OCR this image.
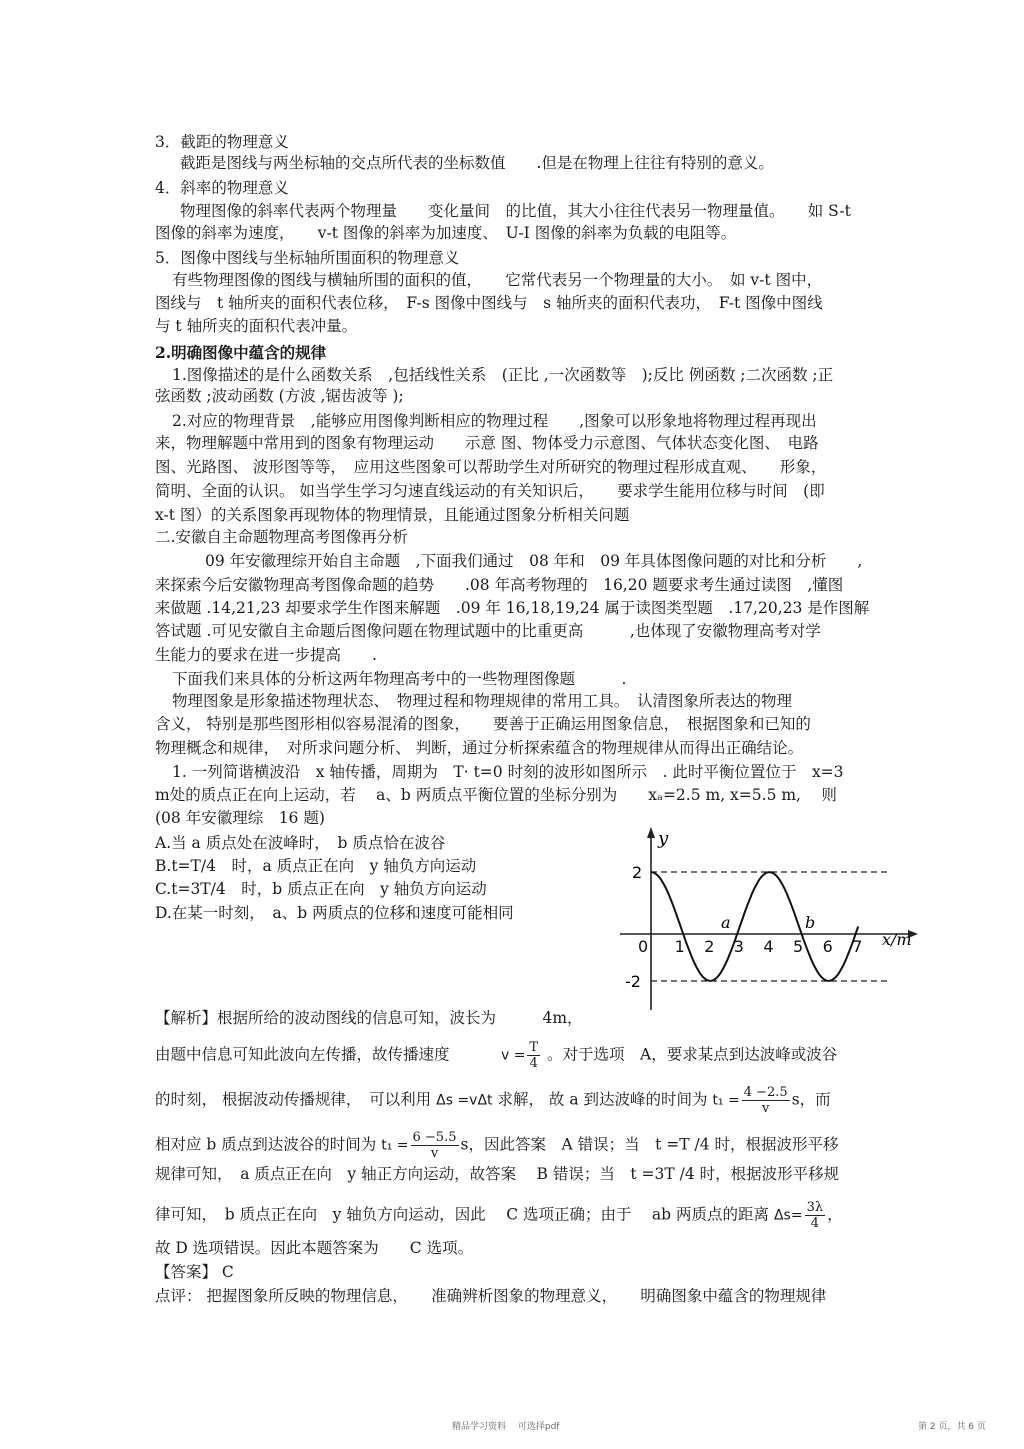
3．截距的物理意义
截距是图线与两坐标轴的交点所代表的坐标数值　　.但是在物理上往往有特别的意义。
4．斜率的物理意义
物理图像的斜率代表两个物理量　　变化量间　的比值，其大小往往代表另一物理量值。　　如 S-t
图像的斜率为速度，　　v-t 图像的斜率为加速度、　U-I 图像的斜率为负载的电阻等。
5．图像中图线与坐标轴所围面积的物理意义
有些物理图像的图线与横轴所围的面积的值，　　它常代表另一个物理量的大小。　如 v-t 图中，
图线与　t 轴所夹的面积代表位移，　F-s 图像中图线与　s 轴所夹的面积代表功，　F-t 图像中图线
与 t 轴所夹的面积代表冲量。
2.明确图像中蕴含的规律
1.图像描述的是什么函数关系　,包括线性关系　(正比 ,一次函数等　);反比 例函数 ;二次函数 ;正
弦函数 ;波动函数 (方波 ,锯齿波等 );
2.对应的物理背景　,能够应用图像判断相应的物理过程　　,图象可以形象地将物理过程再现出
来，物理解题中常用到的图象有物理运动　　示意 图、物体受力示意图、气体状态变化图、　电路
图、光路图、 波形图等等，　应用这些图象可以帮助学生对所研究的物理过程形成直观、　　形象，
简明、全面的认识。 如当学生学习匀速直线运动的有关知识后，　　要求学生能用位移与时间　(即
x-t 图）的关系图象再现物体的物理情景，且能通过图象分析相关问题
二.安徽自主命题物理高考图像再分析
09 年安徽理综开始自主命题　,下面我们通过　08 年和　09 年具体图像问题的对比和分析　　,
来探索今后安徽物理高考图像命题的趋势　　.08 年高考物理的　16,20 题要求考生通过读图　,懂图
来做题 .14,21,23 却要求学生作图来解题　.09 年 16,18,19,24 属于读图类型题　.17,20,23 是作图解
答试题 .可见安徽自主命题后图像问题在物理试题中的比重更高　　　,也体现了安徽物理高考对学
生能力的要求在进一步提高　　.
下面我们来具体的分析这两年物理高考中的一些物理图像题　　　.
物理图象是形象描述物理状态、　物理过程和物理规律的常用工具。　认清图象所表达的物理
含义， 特别是那些图形相似容易混淆的图象，　　要善于正确运用图象信息，　根据图象和已知的
物理概念和规律，　对所求问题分析、 判断，通过分析探索蕴含的物理规律从而得出正确结论。
1. 一列简谐横波沿　x 轴传播，周期为　T· t=0 时刻的波形如图所示　. 此时平衡位置位于　x=3
m处的质点正在向上运动，若　 a、b 两质点平衡位置的坐标分别为　　xₐ=2.5 m, x=5.5 m,　 则
(08 年安徽理综　16 题)
A.当 a 质点处在波峰时，　b 质点恰在波谷
B.t=T/4　时，a 质点正在向　y 轴负方向运动
C.t=3T/4　时，b 质点正在向　y 轴负方向运动
D.在某一时刻，　a、b 两质点的位移和速度可能相同
0 1 2 3 4 5 6 7
y
x/m
2
-2
a	b
【解析】根据所给的波动图线的信息可知，波长为　　　4m，
由题中信息可知此波向左传播，故传播速度　　　 $v = \frac{T}{4}$ 。对于选项　A，要求某点到达波峰或波谷
的时刻， 根据波动传播规律，　可以利用 Δs =vΔt 求解， 故 a 到达波峰的时间为 $t_1 = \frac{4 -2.5}{v}$ s，而
相对应 b 质点到达波谷的时间为 $t_1 = \frac{6 -5.5}{v}$ s，因此答案　A 错误；当　t =T /4 时，根据波形平移
规律可知，　a 质点正在向　y 轴正方向运动，故答案　 B 错误；当　t =3T /4 时，根据波形平移规
律可知，　b 质点正在向　y 轴负方向运动，因此　 C 选项正确；由于　 ab 两质点的距离 $\Delta s= \frac{3\lambda}{4}$ ，
故 D 选项错误。因此本题答案为　　C 选项。
【答案】 C
点评： 把握图象所反映的物理信息，　　准确辨析图象的物理意义，　　明确图象中蕴含的物理规律
精品学习资料　 可选择pdf	第 2 页，共 6 页
